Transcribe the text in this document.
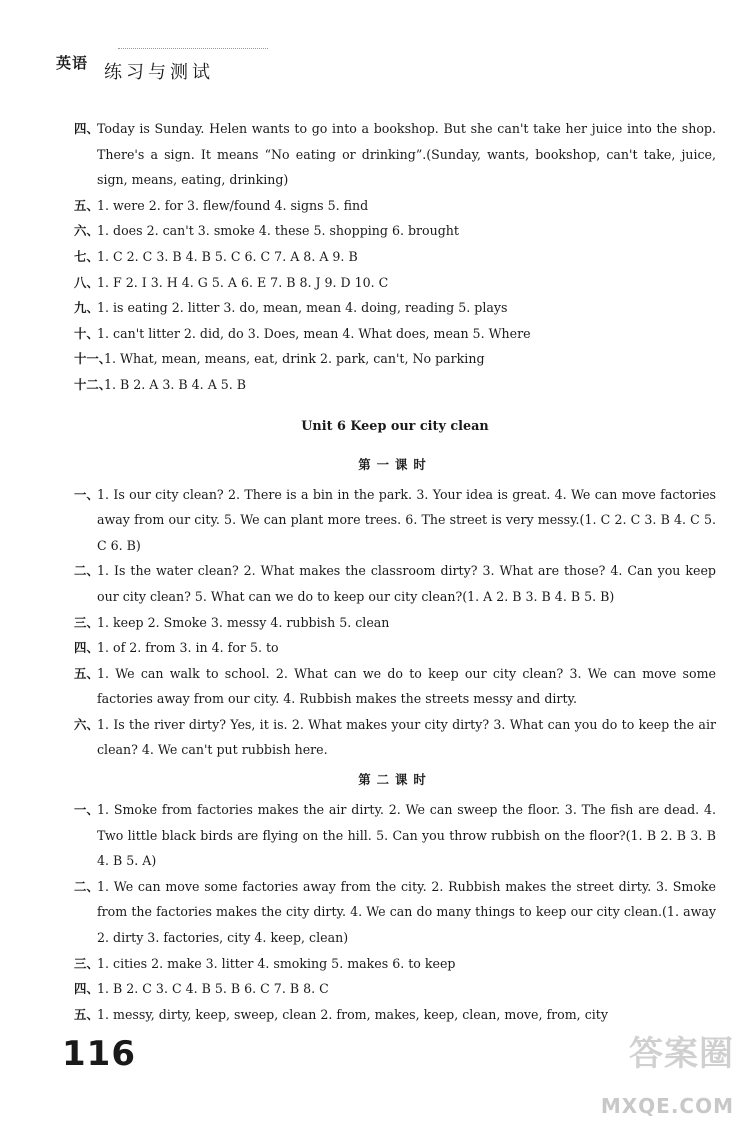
英语 练习与测试
四、
Today is Sunday. Helen wants to go into a bookshop. But she can't take her juice into the shop. There's a sign. It means “No eating or drinking”.(Sunday, wants, bookshop, can't take, juice, sign, means, eating, drinking)
五、
1. were 2. for 3. flew/found 4. signs 5. find
六、
1. does 2. can't 3. smoke 4. these 5. shopping 6. brought
七、
1. C 2. C 3. B 4. B 5. C 6. C 7. A 8. A 9. B
八、
1. F 2. I 3. H 4. G 5. A 6. E 7. B 8. J 9. D 10. C
九、
1. is eating 2. litter 3. do, mean, mean 4. doing, reading 5. plays
十、
1. can't litter 2. did, do 3. Does, mean 4. What does, mean 5. Where
十一、
1. What, mean, means, eat, drink 2. park, can't, No parking
十二、
1. B 2. A 3. B 4. A 5. B
Unit 6 Keep our city clean
第一课时
一、
1. Is our city clean? 2. There is a bin in the park. 3. Your idea is great. 4. We can move factories away from our city. 5. We can plant more trees. 6. The street is very messy.(1. C 2. C 3. B 4. C 5. C 6. B)
二、
1. Is the water clean? 2. What makes the classroom dirty? 3. What are those? 4. Can you keep our city clean? 5. What can we do to keep our city clean?(1. A 2. B 3. B 4. B 5. B)
三、
1. keep 2. Smoke 3. messy 4. rubbish 5. clean
四、
1. of 2. from 3. in 4. for 5. to
五、
1. We can walk to school. 2. What can we do to keep our city clean? 3. We can move some factories away from our city. 4. Rubbish makes the streets messy and dirty.
六、
1. Is the river dirty? Yes, it is. 2. What makes your city dirty? 3. What can you do to keep the air clean? 4. We can't put rubbish here.
第二课时
一、
1. Smoke from factories makes the air dirty. 2. We can sweep the floor. 3. The fish are dead. 4. Two little black birds are flying on the hill. 5. Can you throw rubbish on the floor?(1. B 2. B 3. B 4. B 5. A)
二、
1. We can move some factories away from the city. 2. Rubbish makes the street dirty. 3. Smoke from the factories makes the city dirty. 4. We can do many things to keep our city clean.(1. away 2. dirty 3. factories, city 4. keep, clean)
三、
1. cities 2. make 3. litter 4. smoking 5. makes 6. to keep
四、
1. B 2. C 3. C 4. B 5. B 6. C 7. B 8. C
五、
1. messy, dirty, keep, sweep, clean 2. from, makes, keep, clean, move, from, city
116	答案圈
MXQE.COM
